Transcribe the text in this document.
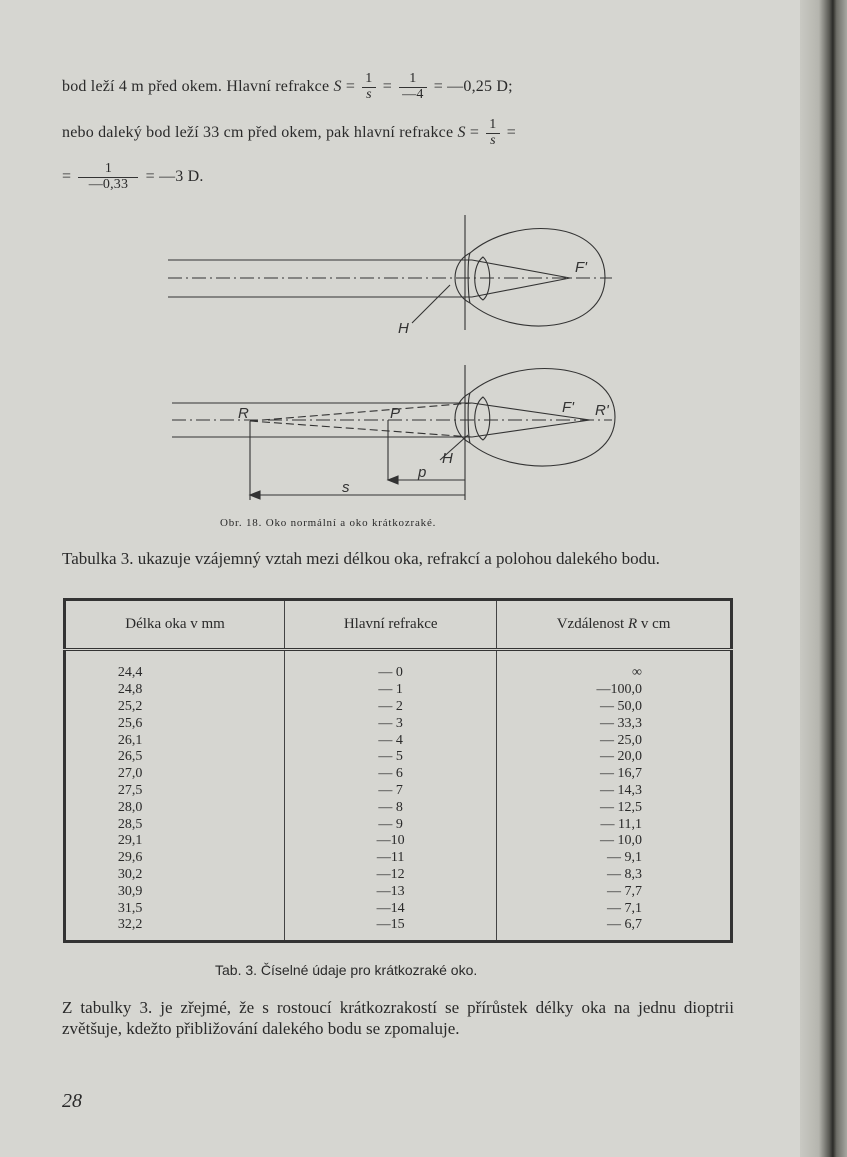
bod leží 4 m před okem. Hlavní refrakce $S = \frac{1}{s} = \frac{1}{—4}$ = —0,25 D;
nebo daleký bod leží 33 cm před okem, pak hlavní refrakce $S = \frac{1}{s}$ =
= $\frac{1}{—0,33}$ = —3 D.
F'
H
R	P	F' R'
H
p
s
Obr. 18. Oko normální a oko krátkozraké.
Tabulka 3. ukazuje vzájemný vztah mezi délkou oka, refrakcí a polohou dalekého bodu.
Délka oka v mm	Hlavní refrakce	Vzdálenost R v cm
24,4	— 0	∞
24,8	— 1	—100,0
25,2	— 2	— 50,0
25,6	— 3	— 33,3
26,1	— 4	— 25,0
26,5	— 5	— 20,0
27,0	— 6	— 16,7
27,5	— 7	— 14,3
28,0	— 8	— 12,5
28,5	— 9	— 11,1
29,1	—10	— 10,0
29,6	—11	— 9,1
30,2	—12	— 8,3
30,9	—13	— 7,7
31,5	—14	— 7,1
32,2	—15	— 6,7
Tab. 3. Číselné údaje pro krátkozraké oko.
Z tabulky 3. je zřejmé, že s rostoucí krátkozrakostí se přírůstek délky oka na jednu dioptrii zvětšuje, kdežto přibližování dalekého bodu se zpomaluje.
28
